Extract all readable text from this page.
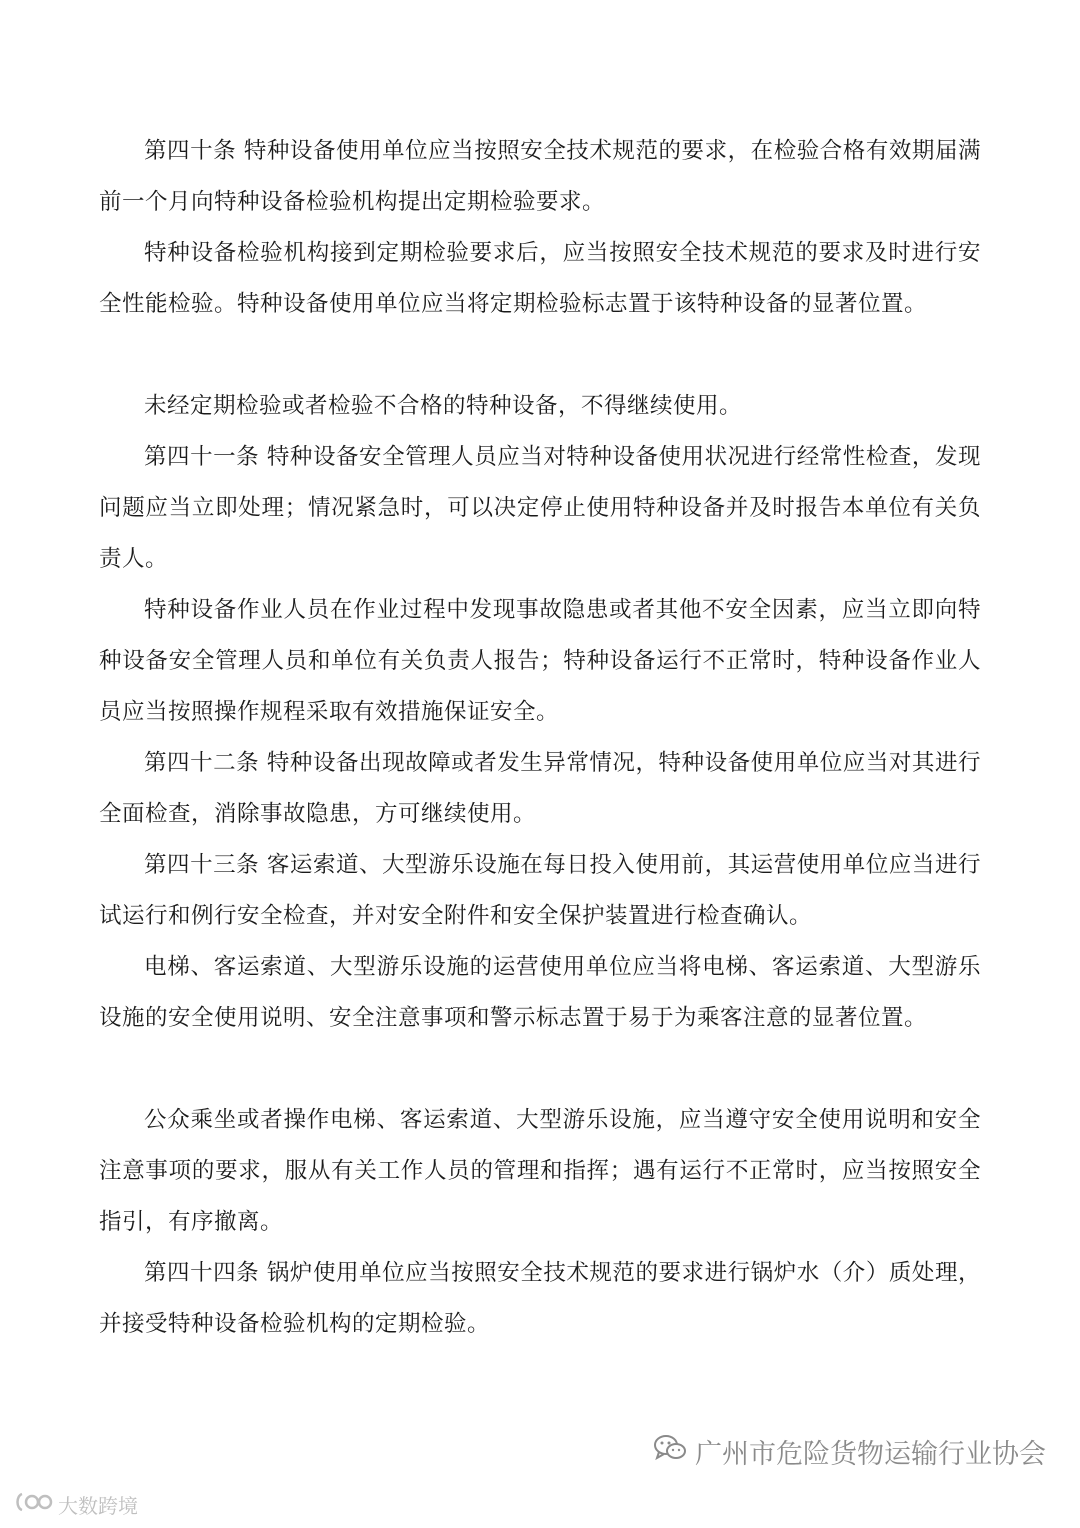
第四十条 特种设备使用单位应当按照安全技术规范的要求，在检验合格有效期届满前一个月向特种设备检验机构提出定期检验要求。

特种设备检验机构接到定期检验要求后，应当按照安全技术规范的要求及时进行安全性能检验。特种设备使用单位应当将定期检验标志置于该特种设备的显著位置。

未经定期检验或者检验不合格的特种设备，不得继续使用。

第四十一条 特种设备安全管理人员应当对特种设备使用状况进行经常性检查，发现问题应当立即处理；情况紧急时，可以决定停止使用特种设备并及时报告本单位有关负责人。

特种设备作业人员在作业过程中发现事故隐患或者其他不安全因素，应当立即向特种设备安全管理人员和单位有关负责人报告；特种设备运行不正常时，特种设备作业人员应当按照操作规程采取有效措施保证安全。

第四十二条 特种设备出现故障或者发生异常情况，特种设备使用单位应当对其进行全面检查，消除事故隐患，方可继续使用。

第四十三条 客运索道、大型游乐设施在每日投入使用前，其运营使用单位应当进行试运行和例行安全检查，并对安全附件和安全保护装置进行检查确认。

电梯、客运索道、大型游乐设施的运营使用单位应当将电梯、客运索道、大型游乐设施的安全使用说明、安全注意事项和警示标志置于易于为乘客注意的显著位置。

公众乘坐或者操作电梯、客运索道、大型游乐设施，应当遵守安全使用说明和安全注意事项的要求，服从有关工作人员的管理和指挥；遇有运行不正常时，应当按照安全指引，有序撤离。

第四十四条 锅炉使用单位应当按照安全技术规范的要求进行锅炉水（介）质处理，并接受特种设备检验机构的定期检验。

广州市危险货物运输行业协会
大数跨境
